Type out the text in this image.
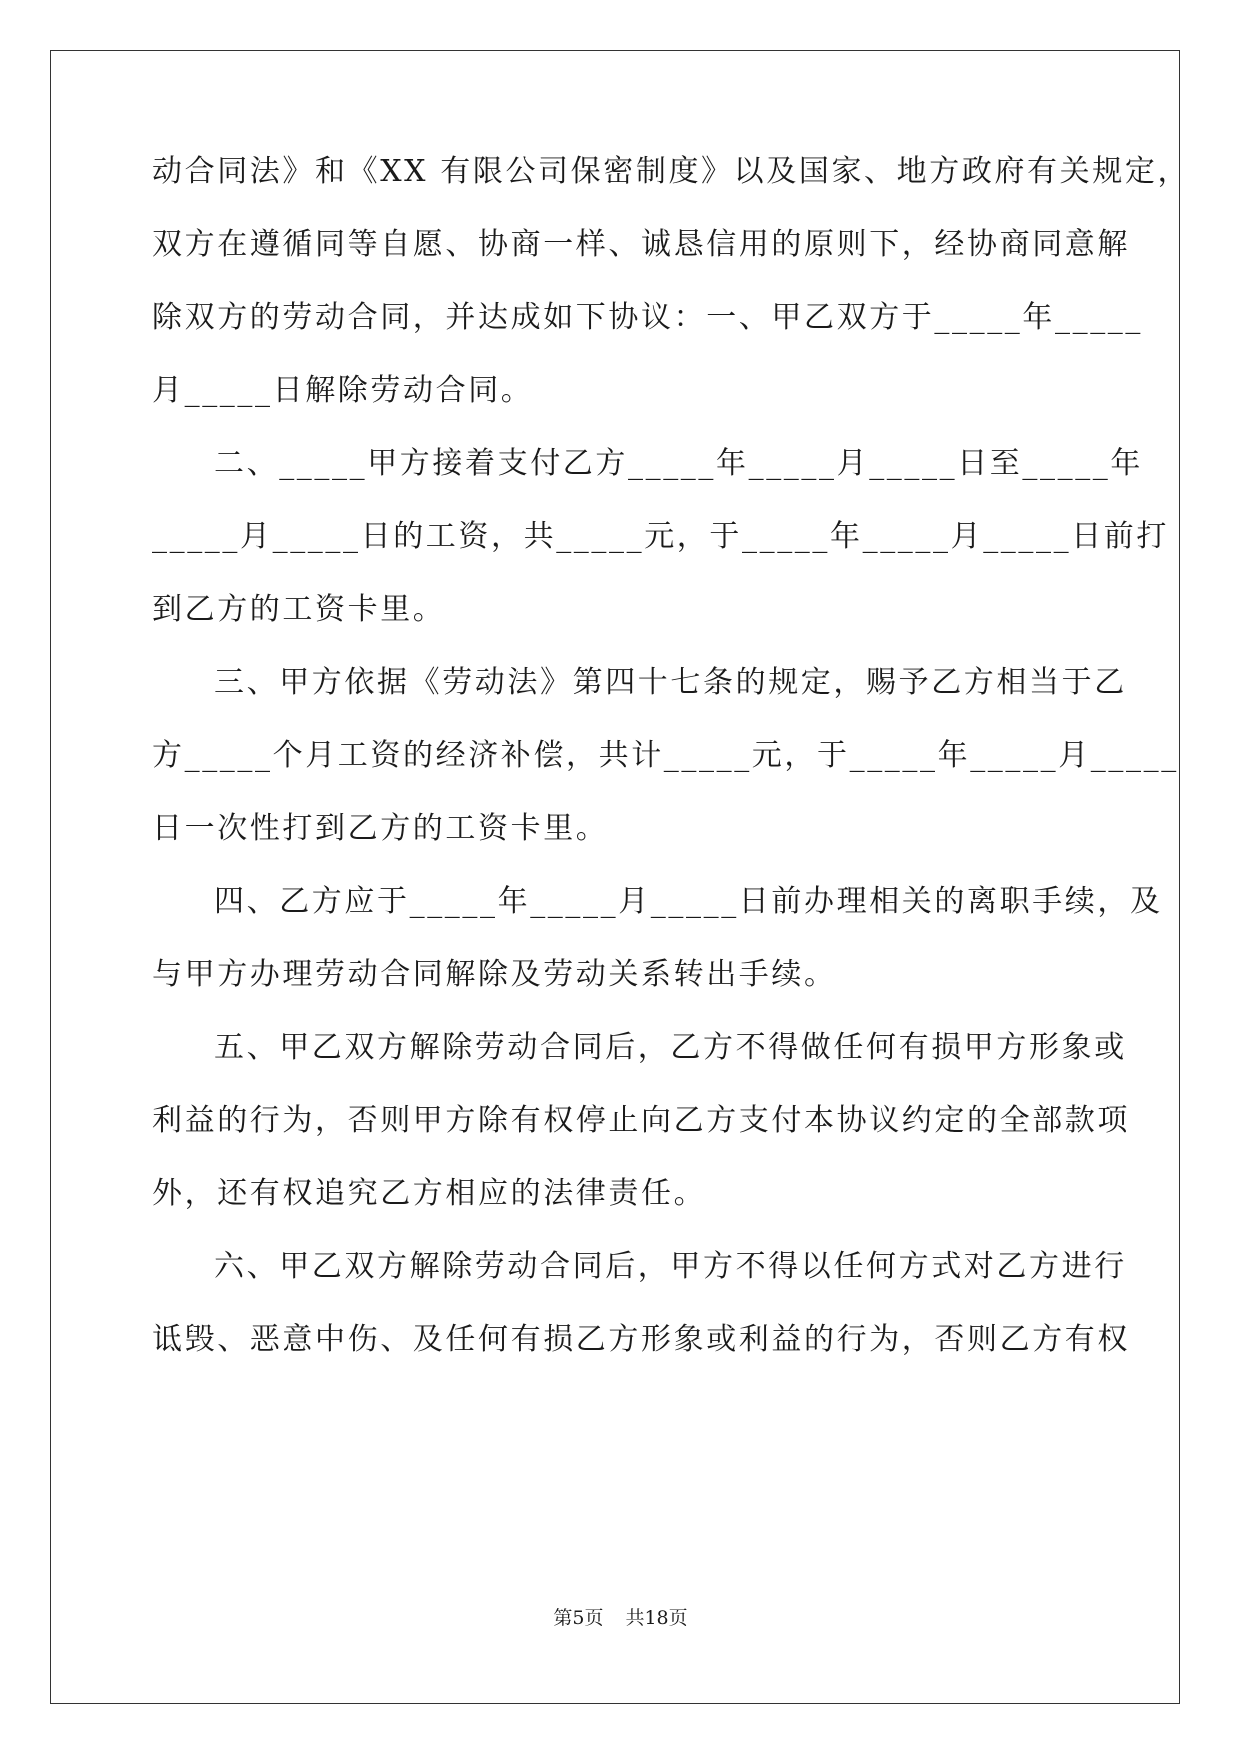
动合同法》和《XX 有限公司保密制度》以及国家、地方政府有关规定，
双方在遵循同等自愿、协商一样、诚恳信用的原则下，经协商同意解
除双方的劳动合同，并达成如下协议：一、甲乙双方于_____年_____
月_____日解除劳动合同。
二、_____甲方接着支付乙方_____年_____月_____日至_____年
_____月_____日的工资，共_____元，于_____年_____月_____日前打
到乙方的工资卡里。
三、甲方依据《劳动法》第四十七条的规定，赐予乙方相当于乙
方_____个月工资的经济补偿，共计_____元，于_____年_____月_____
日一次性打到乙方的工资卡里。
四、乙方应于_____年_____月_____日前办理相关的离职手续，及
与甲方办理劳动合同解除及劳动关系转出手续。
五、甲乙双方解除劳动合同后，乙方不得做任何有损甲方形象或
利益的行为，否则甲方除有权停止向乙方支付本协议约定的全部款项
外，还有权追究乙方相应的法律责任。
六、甲乙双方解除劳动合同后，甲方不得以任何方式对乙方进行
诋毁、恶意中伤、及任何有损乙方形象或利益的行为，否则乙方有权
第5页 共18页
